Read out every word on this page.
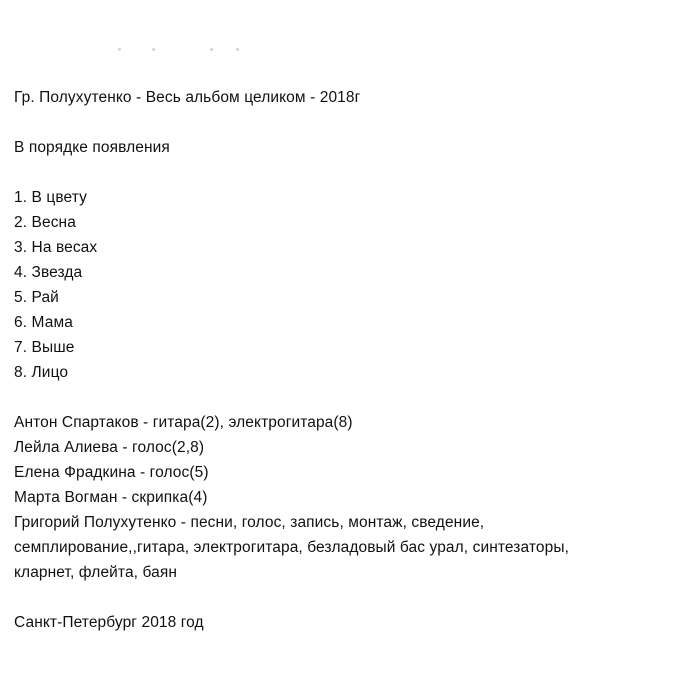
Гр. Полухутенко - Весь альбом целиком - 2018г
В порядке появления
1. В цвету
2. Весна
3. На весах
4. Звезда
5. Рай
6. Мама
7. Выше
8. Лицо
Антон Спартаков - гитара(2), электрогитара(8)
Лейла Алиева - голос(2,8)
Елена Фрадкина - голос(5)
Марта Вогман - скрипка(4)
Григорий Полухутенко - песни, голос, запись, монтаж, сведение,
семплирование,,гитара, электрогитара, безладовый бас урал, синтезаторы,
кларнет, флейта, баян
Санкт-Петербург 2018 год
